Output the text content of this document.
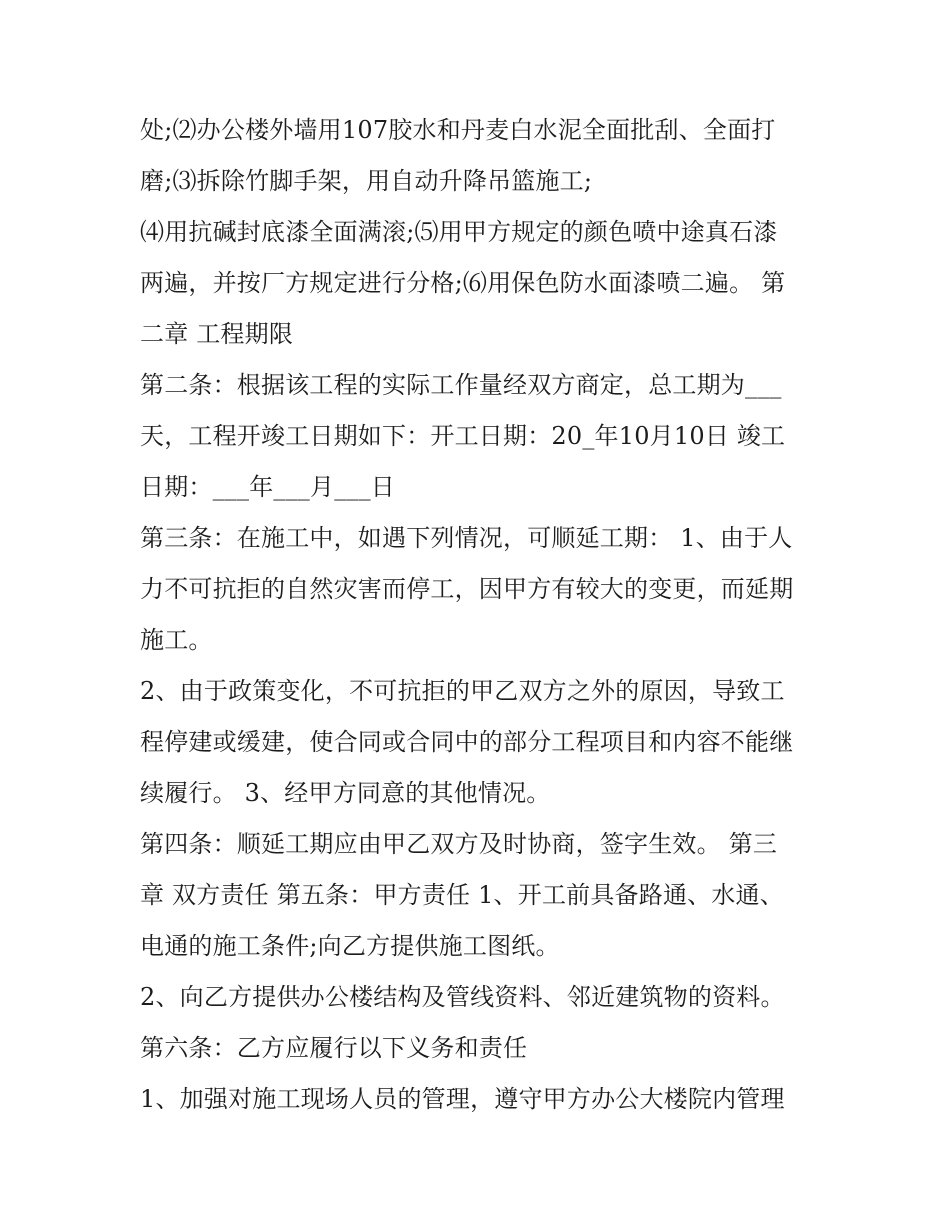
处;⑵办公楼外墙用107胶水和丹麦白水泥全面批刮、全面打
磨;⑶拆除竹脚手架，用自动升降吊篮施工;
⑷用抗碱封底漆全面满滚;⑸用甲方规定的颜色喷中途真石漆
两遍，并按厂方规定进行分格;⑹用保色防水面漆喷二遍。 第
二章 工程期限
第二条：根据该工程的实际工作量经双方商定，总工期为___
天，工程开竣工日期如下：开工日期：20_年10月10日 竣工
日期：___年___月___日
第三条：在施工中，如遇下列情况，可顺延工期： 1、由于人
力不可抗拒的自然灾害而停工，因甲方有较大的变更，而延期
施工。
2、由于政策变化，不可抗拒的甲乙双方之外的原因，导致工
程停建或缓建，使合同或合同中的部分工程项目和内容不能继
续履行。 3、经甲方同意的其他情况。
第四条：顺延工期应由甲乙双方及时协商，签字生效。 第三
章 双方责任 第五条：甲方责任 1、开工前具备路通、水通、
电通的施工条件;向乙方提供施工图纸。
2、向乙方提供办公楼结构及管线资料、邻近建筑物的资料。
第六条：乙方应履行以下义务和责任
1、加强对施工现场人员的管理，遵守甲方办公大楼院内管理
